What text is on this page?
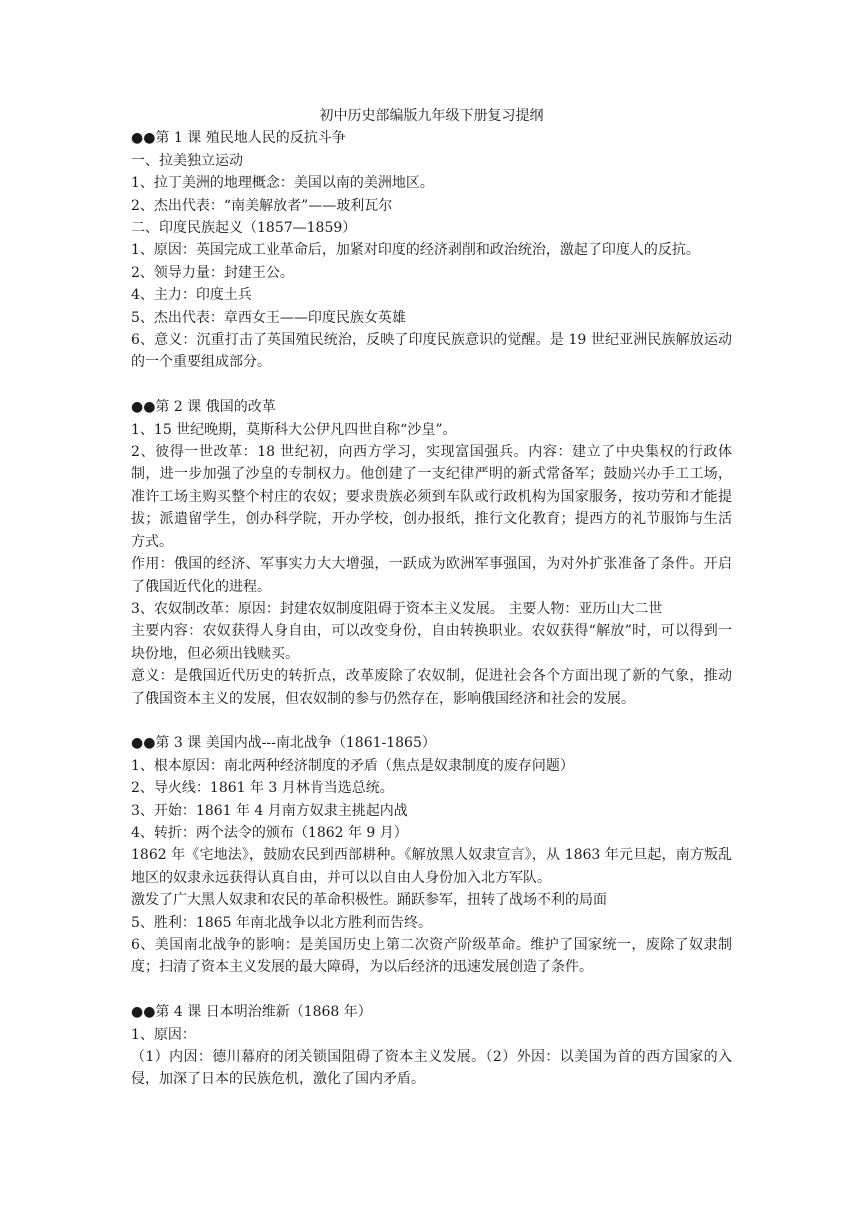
初中历史部编版九年级下册复习提纲

●●第 1 课 殖民地人民的反抗斗争

一、拉美独立运动

1、拉丁美洲的地理概念：美国以南的美洲地区。

2、杰出代表：“南美解放者”——玻利瓦尔

二、印度民族起义（1857—1859）

1、原因：英国完成工业革命后，加紧对印度的经济剥削和政治统治，激起了印度人的反抗。

2、领导力量：封建王公。

4、主力：印度土兵

5、杰出代表：章西女王——印度民族女英雄

6、意义：沉重打击了英国殖民统治，反映了印度民族意识的觉醒。是 19 世纪亚洲民族解放运动的一个重要组成部分。

●●第 2 课 俄国的改革

1、15 世纪晚期，莫斯科大公伊凡四世自称“沙皇”。

2、彼得一世改革：18 世纪初，向西方学习，实现富国强兵。内容：建立了中央集权的行政体制，进一步加强了沙皇的专制权力。他创建了一支纪律严明的新式常备军；鼓励兴办手工工场，准许工场主购买整个村庄的农奴；要求贵族必须到车队或行政机构为国家服务，按功劳和才能提拔；派遣留学生，创办科学院，开办学校，创办报纸，推行文化教育；提西方的礼节服饰与生活方式。

作用：俄国的经济、军事实力大大增强，一跃成为欧洲军事强国，为对外扩张准备了条件。开启了俄国近代化的进程。

3、农奴制改革：原因：封建农奴制度阻碍于资本主义发展。 主要人物：亚历山大二世

主要内容：农奴获得人身自由，可以改变身份，自由转换职业。农奴获得“解放”时，可以得到一块份地，但必须出钱赎买。

意义：是俄国近代历史的转折点，改革废除了农奴制，促进社会各个方面出现了新的气象，推动了俄国资本主义的发展，但农奴制的参与仍然存在，影响俄国经济和社会的发展。

●●第 3 课 美国内战---南北战争（1861-1865）

1、根本原因：南北两种经济制度的矛盾（焦点是奴隶制度的废存问题）

2、导火线：1861 年 3 月林肯当选总统。

3、开始：1861 年 4 月南方奴隶主挑起内战

4、转折：两个法令的颁布（1862 年 9 月）

1862 年《宅地法》，鼓励农民到西部耕种。《解放黑人奴隶宣言》，从 1863 年元旦起，南方叛乱地区的奴隶永远获得认真自由，并可以以自由人身份加入北方军队。

激发了广大黑人奴隶和农民的革命积极性。踊跃参军，扭转了战场不利的局面

5、胜利：1865 年南北战争以北方胜利而告终。

6、美国南北战争的影响：是美国历史上第二次资产阶级革命。维护了国家统一，废除了奴隶制度；扫清了资本主义发展的最大障碍，为以后经济的迅速发展创造了条件。

●●第 4 课 日本明治维新（1868 年）

1、原因：

（1）内因：德川幕府的闭关锁国阻碍了资本主义发展。（2）外因：以美国为首的西方国家的入侵，加深了日本的民族危机，激化了国内矛盾。
